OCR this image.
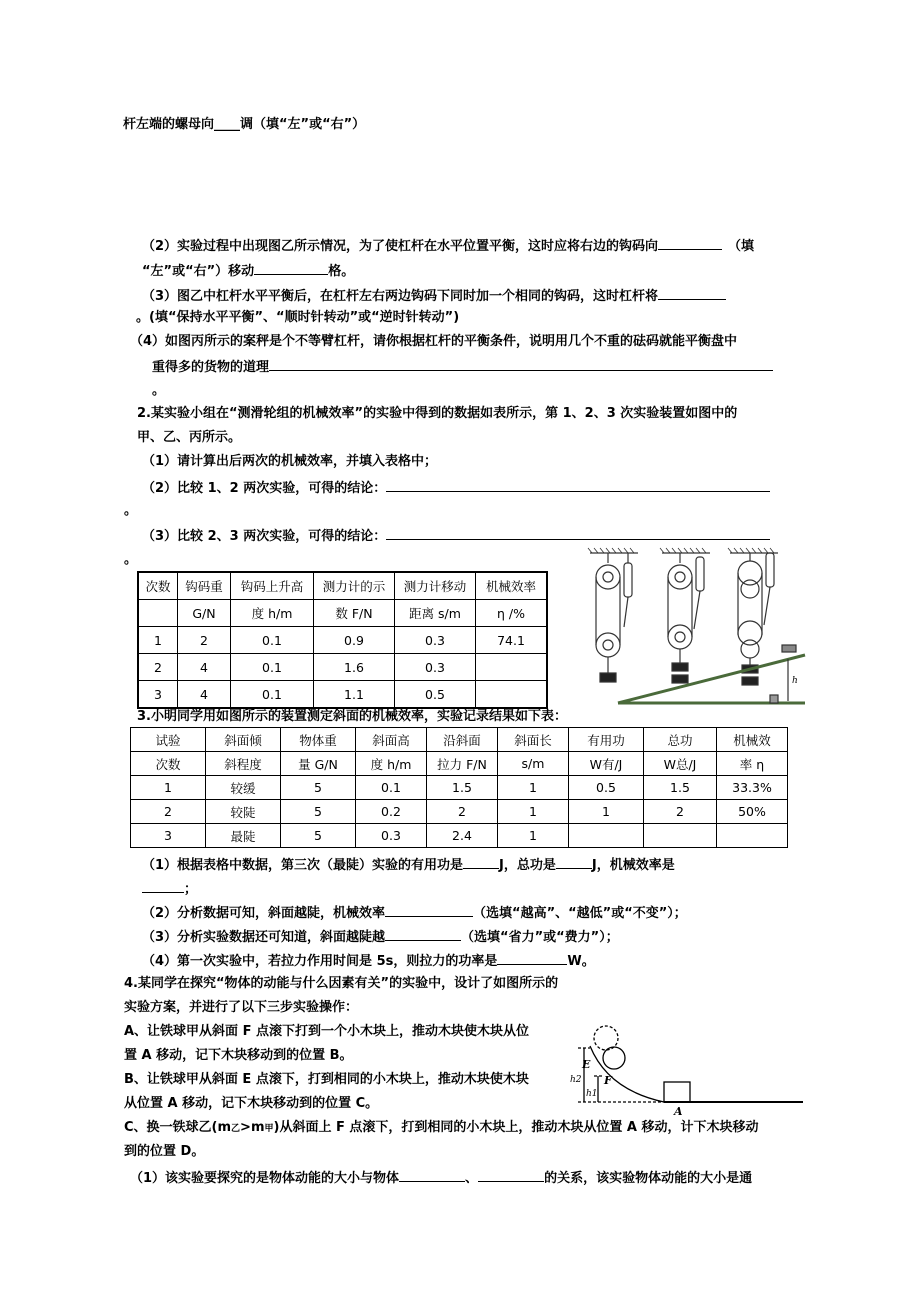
杆左端的螺母向____调（填“左”或“右”）
（2）实验过程中出现图乙所示情况，为了使杠杆在水平位置平衡，这时应将右边的钩码向	（填
“左”或“右”）移动	格。
（3）图乙中杠杆水平平衡后，在杠杆左右两边钩码下同时加一个相同的钩码，这时杠杆将
。(填“保持水平平衡”、“顺时针转动”或“逆时针转动”)
（4）如图丙所示的案秤是个不等臂杠杆，请你根据杠杆的平衡条件，说明用几个不重的砝码就能平衡盘中
重得多的货物的道理
。
2.某实验小组在“测滑轮组的机械效率”的实验中得到的数据如表所示，第 1、2、3 次实验装置如图中的
甲、乙、丙所示。
（1）请计算出后两次的机械效率，并填入表格中；
（2）比较 1、2 两次实验，可得的结论：
。
（3）比较 2、3 两次实验，可得的结论：
。
次数	钩码重	钩码上升高	测力计的示	测力计移动	机械效率
	G/N	度 h/m	数 F/N	距离 s/m	η /%
1	2	0.1	0.9	0.3	74.1
2	4	0.1	1.6	0.3	
3	4	0.1	1.1	0.5	
h
3.小明同学用如图所示的装置测定斜面的机械效率，实验记录结果如下表：
试验	斜面倾	物体重	斜面高	沿斜面	斜面长	有用功	总功	机械效
次数	斜程度	量 G/N	度 h/m	拉力 F/N	s/m	W有/J	W总/J	率 η
1	较缓	5	0.1	1.5	1	0.5	1.5	33.3%
2	较陡	5	0.2	2	1	1	2	50%
3	最陡	5	0.3	2.4	1			
（1）根据表格中数据，第三次（最陡）实验的有用功是	J，总功是	J，机械效率是
；
（2）分析数据可知，斜面越陡，机械效率	（选填“越高”、“越低”或“不变”）；
（3）分析实验数据还可知道，斜面越陡越	（选填“省力”或“费力”）；
（4）第一次实验中，若拉力作用时间是 5s，则拉力的功率是	W。
4.某同学在探究“物体的动能与什么因素有关”的实验中，设计了如图所示的
实验方案，并进行了以下三步实验操作：
A、让铁球甲从斜面 F 点滚下打到一个小木块上，推动木块使木块从位
置 A 移动，记下木块移动到的位置 B。
B、让铁球甲从斜面 E 点滚下，打到相同的小木块上，推动木块使木块
从位置 A 移动，记下木块移动到的位置 C。
C、换一铁球乙(m乙>m甲)从斜面上 F 点滚下，打到相同的小木块上，推动木块从位置 A 移动，计下木块移动
到的位置 D。
（1）该实验要探究的是物体动能的大小与物体	、	的关系，该实验物体动能的大小是通
E
F
h2
h1
A
